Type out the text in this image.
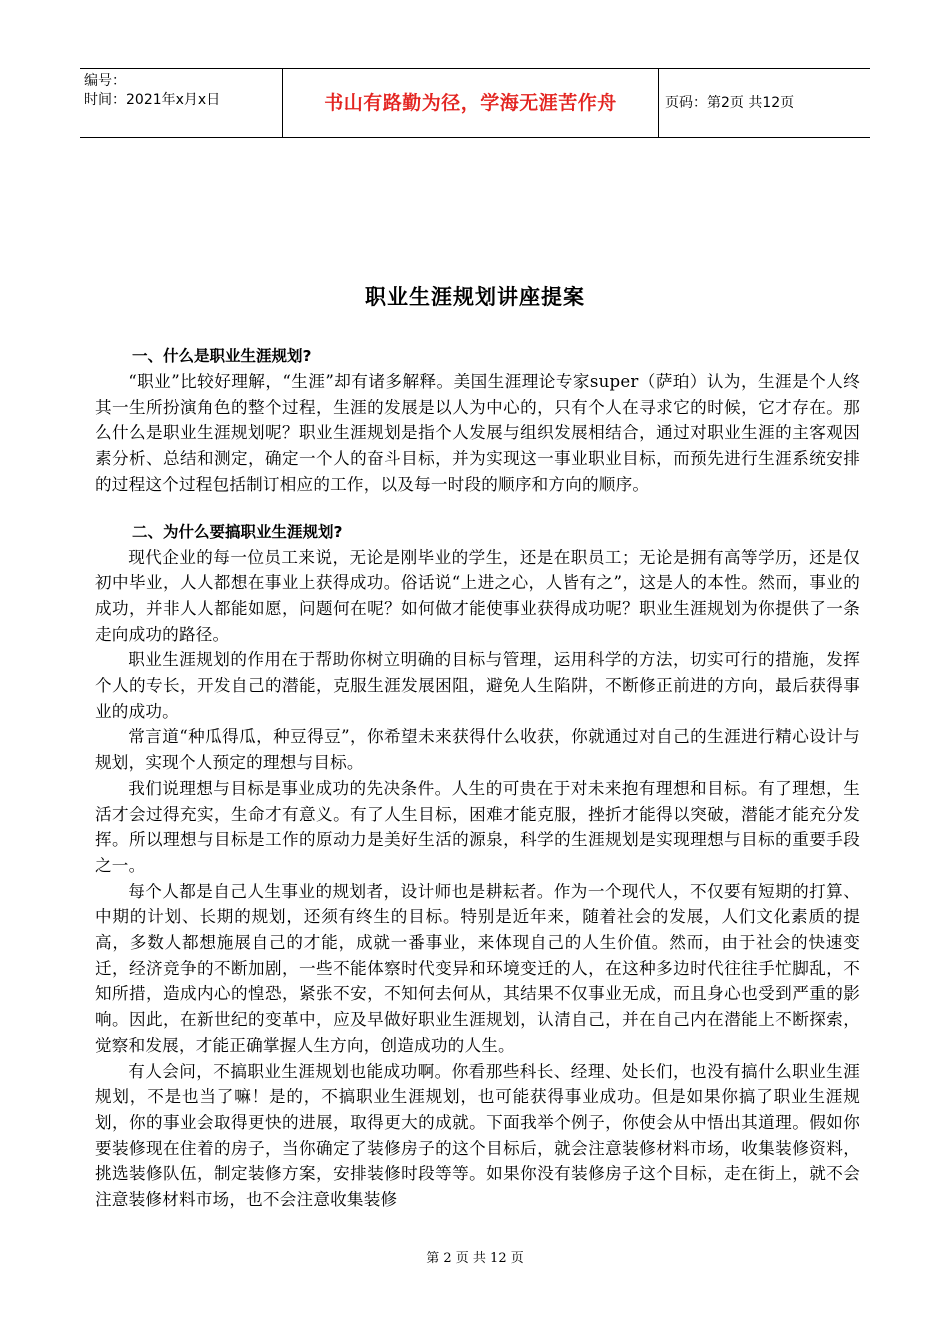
编号：
时间：2021年x月x日	书山有路勤为径，学海无涯苦作舟	页码：第2页 共12页
职业生涯规划讲座提案
一、什么是职业生涯规划?

“职业”比较好理解，“生涯”却有诸多解释。美国生涯理论专家super（萨珀）认为，生涯是个人终其一生所扮演角色的整个过程，生涯的发展是以人为中心的，只有个人在寻求它的时候，它才存在。那么什么是职业生涯规划呢？职业生涯规划是指个人发展与组织发展相结合，通过对职业生涯的主客观因素分析、总结和测定，确定一个人的奋斗目标，并为实现这一事业职业目标，而预先进行生涯系统安排的过程这个过程包括制订相应的工作，以及每一时段的顺序和方向的顺序。

二、为什么要搞职业生涯规划?

现代企业的每一位员工来说，无论是刚毕业的学生，还是在职员工；无论是拥有高等学历，还是仅初中毕业，人人都想在事业上获得成功。俗话说“上进之心，人皆有之”，这是人的本性。然而，事业的成功，并非人人都能如愿，问题何在呢？如何做才能使事业获得成功呢？职业生涯规划为你提供了一条走向成功的路径。

职业生涯规划的作用在于帮助你树立明确的目标与管理，运用科学的方法，切实可行的措施，发挥个人的专长，开发自己的潜能，克服生涯发展困阻，避免人生陷阱，不断修正前进的方向，最后获得事业的成功。

常言道“种瓜得瓜，种豆得豆”，你希望未来获得什么收获，你就通过对自己的生涯进行精心设计与规划，实现个人预定的理想与目标。

我们说理想与目标是事业成功的先决条件。人生的可贵在于对未来抱有理想和目标。有了理想，生活才会过得充实，生命才有意义。有了人生目标，困难才能克服，挫折才能得以突破，潜能才能充分发挥。所以理想与目标是工作的原动力是美好生活的源泉，科学的生涯规划是实现理想与目标的重要手段之一。

每个人都是自己人生事业的规划者，设计师也是耕耘者。作为一个现代人，不仅要有短期的打算、中期的计划、长期的规划，还须有终生的目标。特别是近年来，随着社会的发展，人们文化素质的提高，多数人都想施展自己的才能，成就一番事业，来体现自己的人生价值。然而，由于社会的快速变迁，经济竞争的不断加剧，一些不能体察时代变异和环境变迁的人，在这种多边时代往往手忙脚乱，不知所措，造成内心的惶恐，紧张不安，不知何去何从，其结果不仅事业无成，而且身心也受到严重的影响。因此，在新世纪的变革中，应及早做好职业生涯规划，认清自己，并在自己内在潜能上不断探索，觉察和发展，才能正确掌握人生方向，创造成功的人生。

有人会问，不搞职业生涯规划也能成功啊。你看那些科长、经理、处长们，也没有搞什么职业生涯规划，不是也当了嘛！是的，不搞职业生涯规划，也可能获得事业成功。但是如果你搞了职业生涯规划，你的事业会取得更快的进展，取得更大的成就。下面我举个例子，你使会从中悟出其道理。假如你要装修现在住着的房子，当你确定了装修房子的这个目标后，就会注意装修材料市场，收集装修资料，挑选装修队伍，制定装修方案，安排装修时段等等。如果你没有装修房子这个目标，走在街上，就不会注意装修材料市场，也不会注意收集装修

第 2 页 共 12 页
